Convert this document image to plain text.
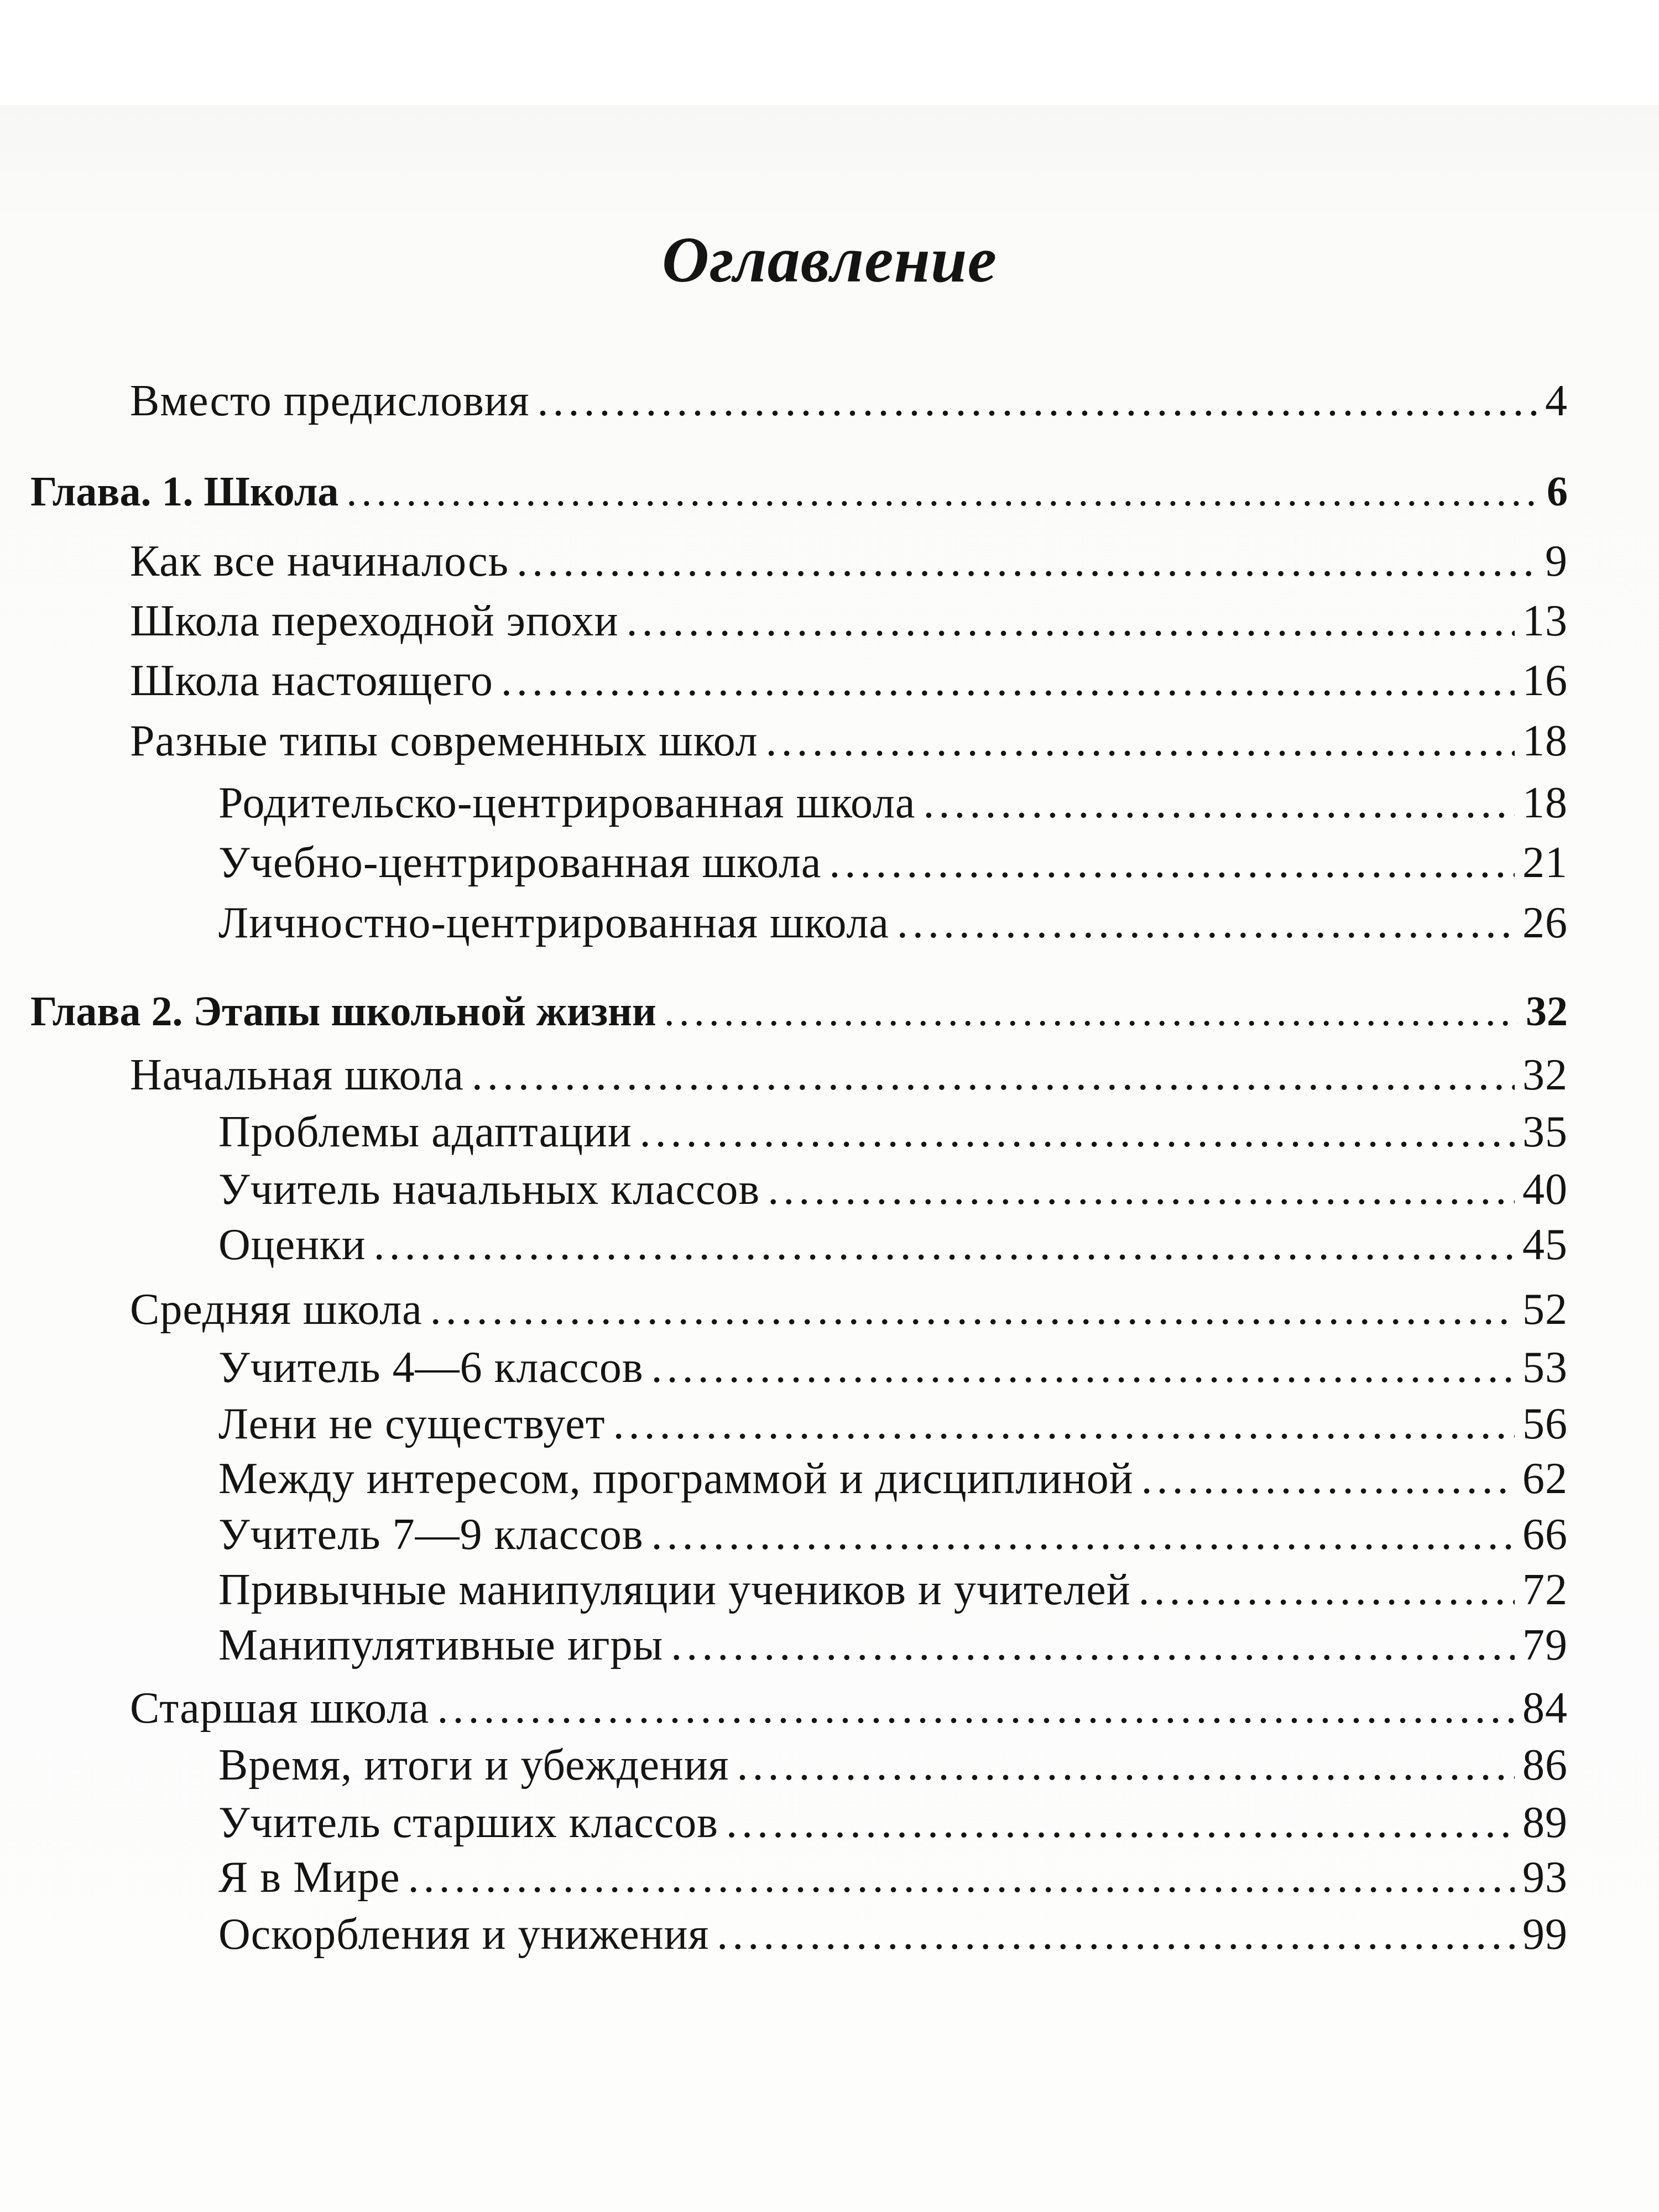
Оглавление
Вместо предисловия .....	4
Глава. 1. Школа .....	6
Как все начиналось .....	9
Школа переходной эпохи .....	13
Школа настоящего .....	16
Разные типы современных школ .....	18
Родительско-центрированная школа .....	18
Учебно-центрированная школа .....	21
Личностно-центрированная школа .....	26
Глава 2. Этапы школьной жизни .....	32
Начальная школа .....	32
Проблемы адаптации .....	35
Учитель начальных классов .....	40
Оценки .....	45
Средняя школа .....	52
Учитель 4—6 классов .....	53
Лени не существует .....	56
Между интересом, программой и дисциплиной .....	62
Учитель 7—9 классов .....	66
Привычные манипуляции учеников и учителей .....	72
Манипулятивные игры .....	79
Старшая школа .....	84
Время, итоги и убеждения .....	86
Учитель старших классов .....	89
Я в Мире .....	93
Оскорбления и унижения .....	99
